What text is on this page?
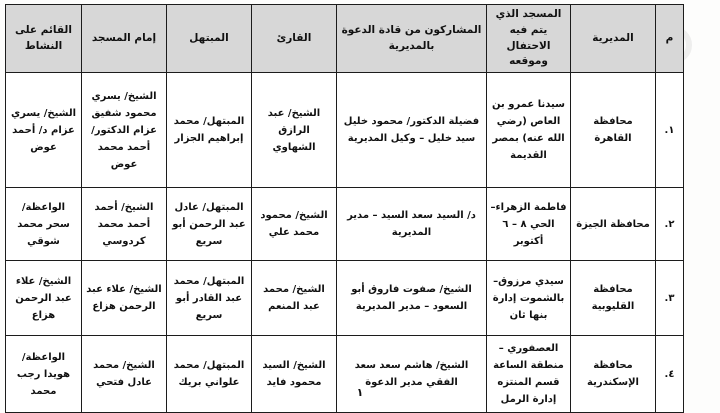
م	المديرية	المسجد الذي يتم فيه الاحتفال وموقعه	المشاركون من قادة الدعوة بالمديرية	القارئ	المبتهل	إمام المسجد	القائم على النشاط
١.	محافظة القاهرة	سيدنا عمرو بن العاص (رضي الله عنه) بمصر القديمة	فضيلة الدكتور/ محمود خليل سيد خليل – وكيل المديرية	الشيخ/ عبد الرازق الشهاوي	المبتهل/ محمد إبراهيم الجزار	الشيخ/ يسري محمود شفيق عزام الدكتور/ أحمد محمد عوض	الشيخ/ يسري عزام د/ أحمد عوض
٢.	محافظة الجيزة	فاطمة الزهراء– الحي ٨ – ٦ أكتوبر	د/ السيد سعد السيد – مدير المديرية	الشيخ/ محمود محمد علي	المبتهل/ عادل عبد الرحمن أبو سريع	الشيخ/ أحمد أحمد محمد كردوسي	الواعظة/ سحر محمد شوقي
٣.	محافظة القليوبية	سيدي مرزوق– بالشموت إدارة بنها ثان	الشيخ/ صفوت فاروق أبو السعود – مدير المديرية	الشيخ/ محمد عبد المنعم	المبتهل/ محمد عبد القادر أبو سريع	الشيخ/ علاء عبد الرحمن هزاع	الشيخ/ علاء عبد الرحمن هزاع
٤.	محافظة الإسكندرية	العصفوري – منطقة الساعة قسم المنتزه إدارة الرمل	الشيخ/ هاشم سعد سعد الفقي مدير الدعوة	الشيخ/ السيد محمود فايد	المبتهل/ محمد علواني بريك	الشيخ/ محمد عادل فتحي	الواعظة/ هويدا رجب محمد	١
